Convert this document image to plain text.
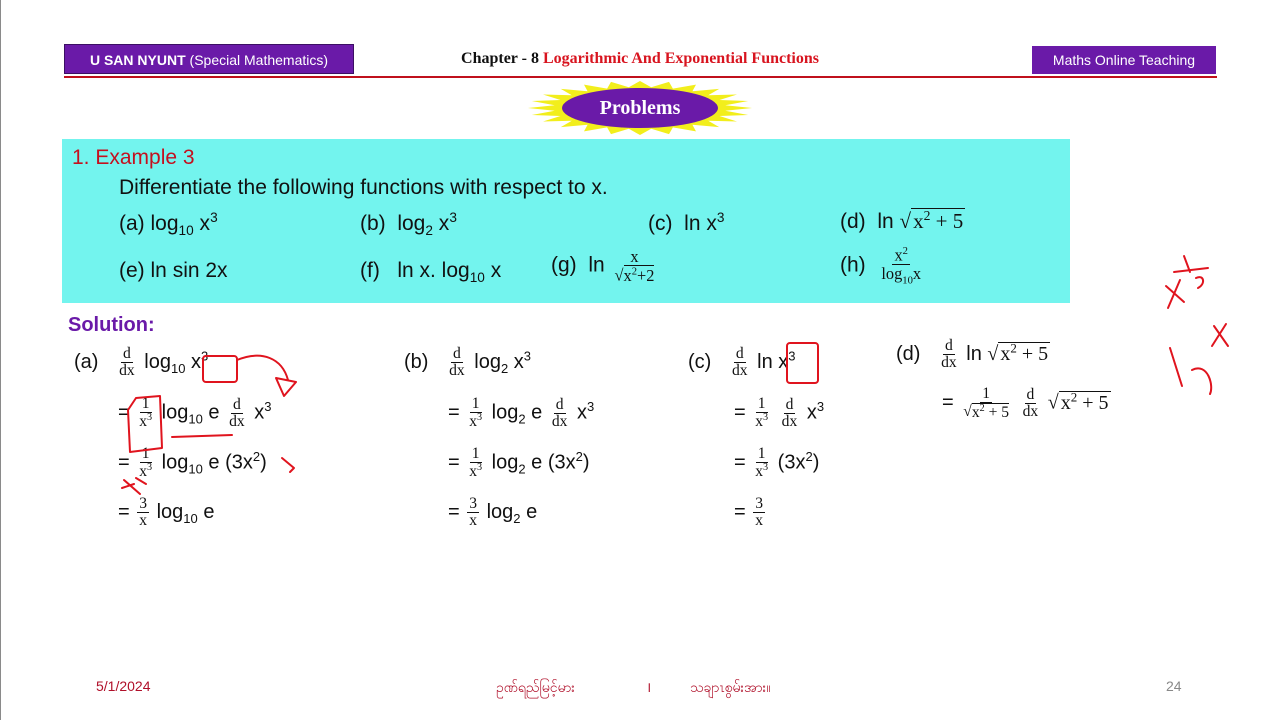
U SAN NYUNT (Special Mathematics)	Chapter - 8 Logarithmic And Exponential Functions	Maths Online Teaching
Problems
1. Example 3
Differentiate the following functions with respect to x.
(a) $\log_{10} x^3$	(b)  $\log_2 x^3$	(c)  $\ln x^3$	(d)  $\ln √x^2 + 5$
(e) ln sin 2x	(f)   ln x. $\log_{10} x$ (g)  $\ln \frac{x}{√x^2+2}$	$(h) \frac{x^2}{\log_{10}x}$
Solution:
$(a) \frac{d}{dx} \log_{10} x^3$
= $\frac{1}{x^3} \log_{10} e \frac{d}{dx} x^3$
= $\frac{1}{x^3} \log_{10} e$ $(3x^2)$
= $\frac{3}{x} \log_{10} e$
$(b) \frac{d}{dx} \log_2 x^3$
= $\frac{1}{x^3} \log_2 e \frac{d}{dx} x^3$
= $\frac{1}{x^3} \log_2 e$ $(3x^2)$
= $\frac{3}{x} \log_2 e$
$(c) \frac{d}{dx}$ $\ln x^3$
= $\frac{1}{x^3}$
$\frac{d}{dx} x^3$
= $\frac{1}{x^3} (3x^2)$
= $\frac{3}{x}$
$(d) \frac{d}{dx}$ ln √ $x^2 + 5$
= $\frac{1}{√x^2 + 5}$
$\frac{d}{dx}$ √ $x^2 + 5$
5/1/2024	ဥဏ်ရည်မြင့်မား	।	သချာၤစွမ်းအား။	24
